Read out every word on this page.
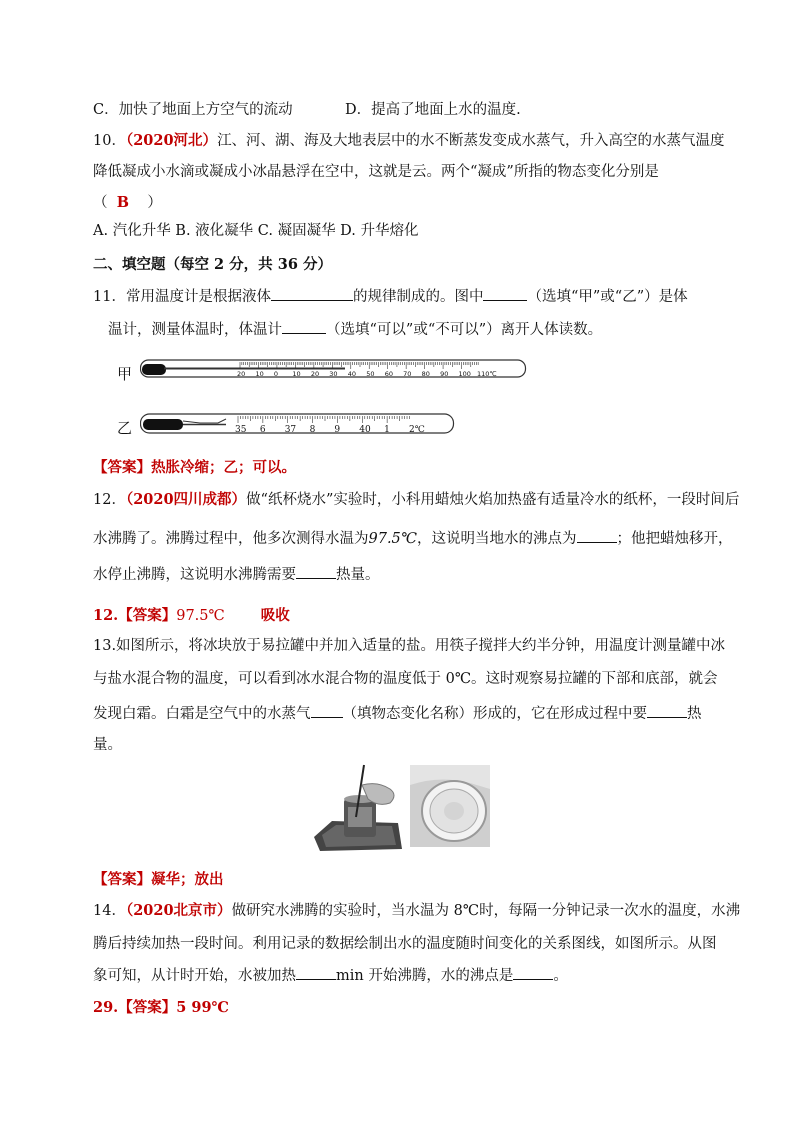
C．加快了地面上方空气的流动	D．提高了地面上水的温度.
10．（2020河北）江、河、湖、海及大地表层中的水不断蒸发变成水蒸气，升入高空的水蒸气温度
降低凝成小水滴或凝成小冰晶悬浮在空中，这就是云。两个“凝成”所指的物态变化分别是
（ B ）
A. 汽化升华 B. 液化凝华 C. 凝固凝华 D. 升华熔化
二、填空题（每空 2 分，共 36 分）
11．常用温度计是根据液体	的规律制成的。图中	（选填“甲”或“乙”）是体
温计，测量体温时，体温计	（选填“可以”或“不可以”）离开人体读数。
甲	20 10 0 10 20 30 40 50 60 70 80 90 100 110℃
乙	35 6 37 8 9 40 1 2℃
【答案】热胀冷缩；乙；可以。
12．（2020四川成都）做“纸杯烧水”实验时，小科用蜡烛火焰加热盛有适量冷水的纸杯，一段时间后
水沸腾了。沸腾过程中，他多次测得水温为97.5℃，这说明当地水的沸点为	；他把蜡烛移开，
水停止沸腾，这说明水沸腾需要	热量。
12.【答案】97.5℃ 吸收
13.如图所示，将冰块放于易拉罐中并加入适量的盐。用筷子搅拌大约半分钟，用温度计测量罐中冰
与盐水混合物的温度，可以看到冰水混合物的温度低于 0℃。这时观察易拉罐的下部和底部，就会
发现白霜。白霜是空气中的水蒸气 （填物态变化名称）形成的，它在形成过程中要	热
量。
【答案】凝华；放出
14．（2020北京市）做研究水沸腾的实验时，当水温为 8℃时，每隔一分钟记录一次水的温度，水沸
腾后持续加热一段时间。利用记录的数据绘制出水的温度随时间变化的关系图线，如图所示。从图
象可知，从计时开始，水被加热	min 开始沸腾，水的沸点是	。
29.【答案】5 99℃
